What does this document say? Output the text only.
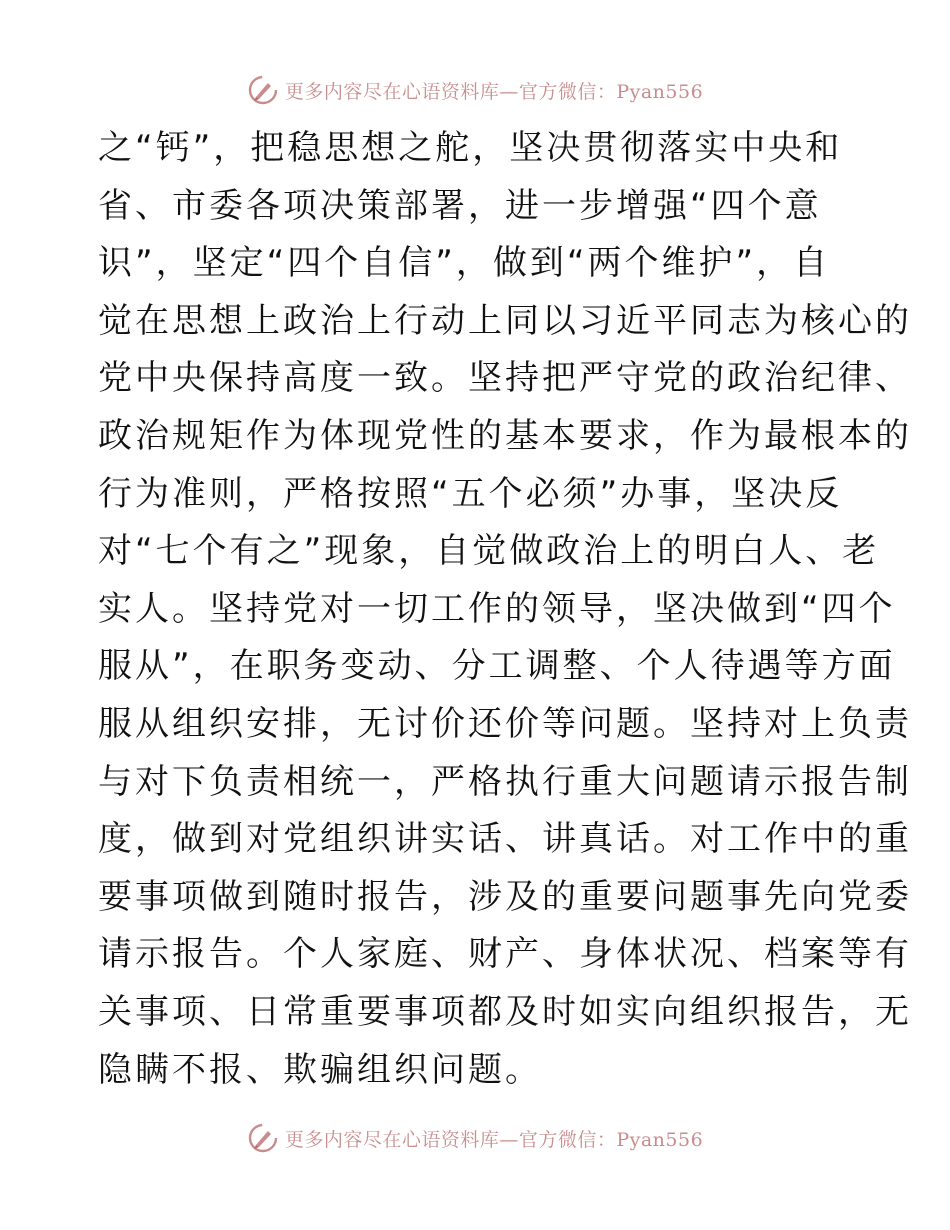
更多内容尽在心语资料库—官方微信：Pyan556
之“钙”，把稳思想之舵，坚决贯彻落实中央和
省、市委各项决策部署，进一步增强“四个意
识”，坚定“四个自信”，做到“两个维护”，自
觉在思想上政治上行动上同以习近平同志为核心的
党中央保持高度一致。坚持把严守党的政治纪律、
政治规矩作为体现党性的基本要求，作为最根本的
行为准则，严格按照“五个必须”办事，坚决反
对“七个有之”现象，自觉做政治上的明白人、老
实人。坚持党对一切工作的领导，坚决做到“四个
服从”，在职务变动、分工调整、个人待遇等方面
服从组织安排，无讨价还价等问题。坚持对上负责
与对下负责相统一，严格执行重大问题请示报告制
度，做到对党组织讲实话、讲真话。对工作中的重
要事项做到随时报告，涉及的重要问题事先向党委
请示报告。个人家庭、财产、身体状况、档案等有
关事项、日常重要事项都及时如实向组织报告，无
隐瞒不报、欺骗组织问题。
更多内容尽在心语资料库—官方微信：Pyan556
